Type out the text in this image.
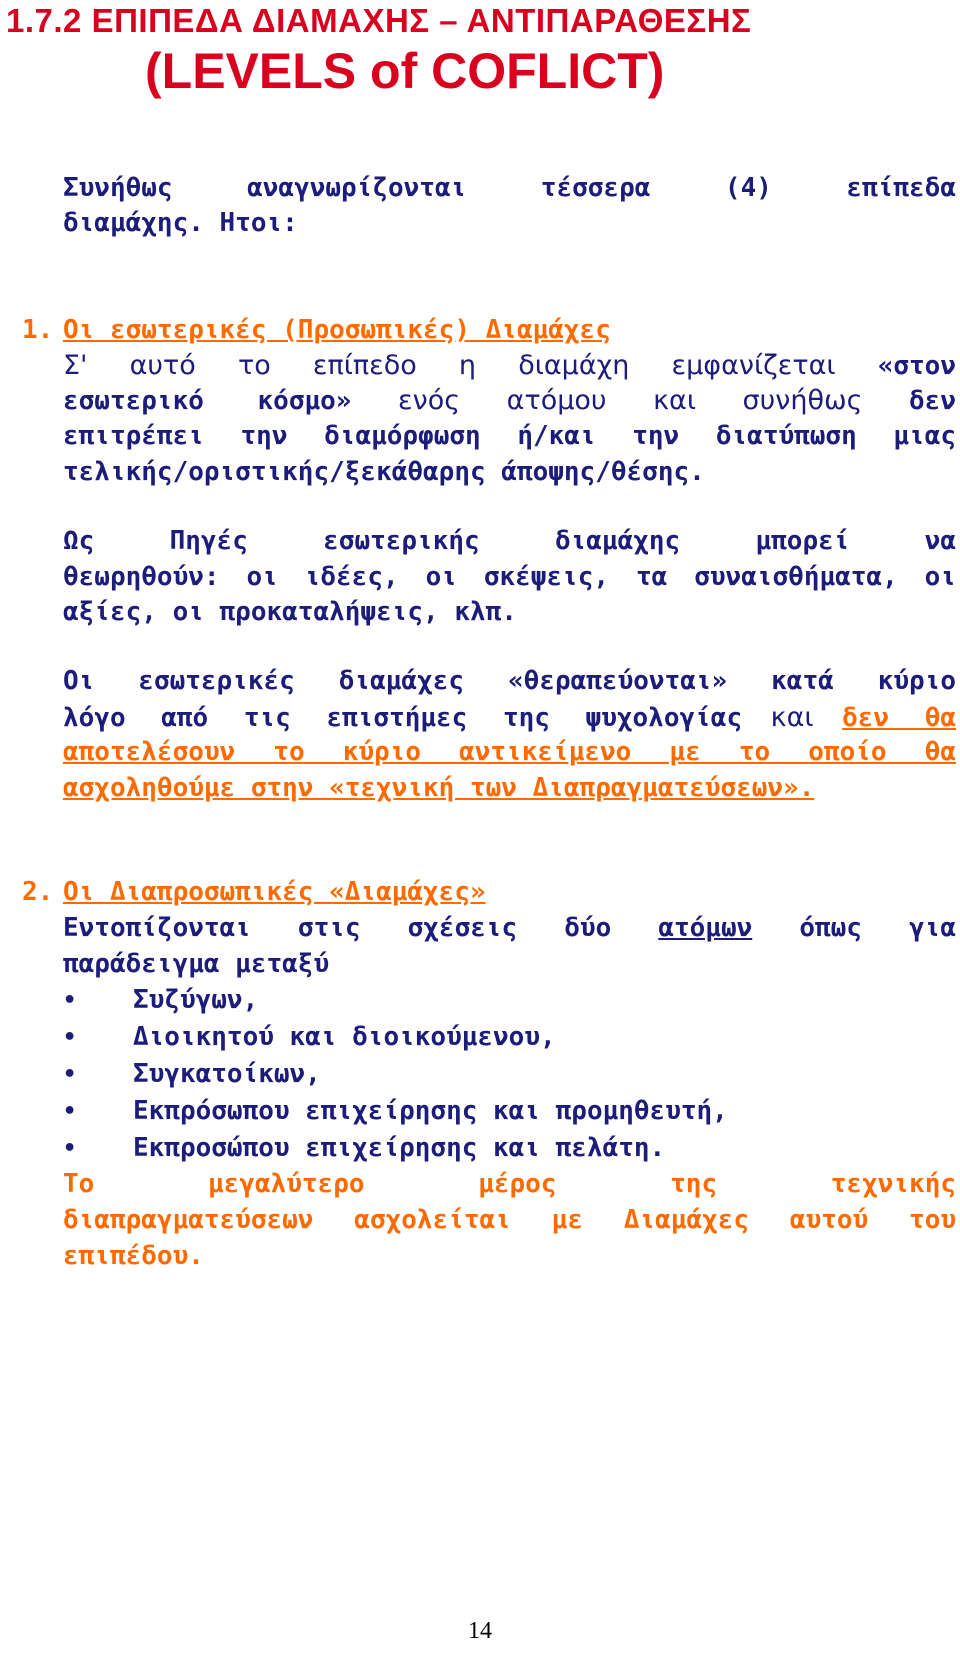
1.7.2 ΕΠΙΠΕΔΑ ΔΙΑΜΑΧΗΣ – ΑΝΤΙΠΑΡΑΘΕΣΗΣ
(LEVELS of COFLICT)
Συνήθως αναγνωρίζονται τέσσερα (4) επίπεδα
διαμάχης. Ητοι:
1. Οι εσωτερικές (Προσωπικές) Διαμάχες
Σ' αυτό το επίπεδο η διαμάχη εμφανίζεται «στον
εσωτερικό κόσμο» ενός ατόμου και συνήθως δεν
επιτρέπει την διαμόρφωση ή/και την διατύπωση μιας
τελικής/οριστικής/ξεκάθαρης άποψης/θέσης.
Ως Πηγές εσωτερικής διαμάχης μπορεί να
θεωρηθούν: οι ιδέες, οι σκέψεις, τα συναισθήματα, οι
αξίες, οι προκαταλήψεις, κλπ.
Οι εσωτερικές διαμάχες «θεραπεύονται» κατά κύριο
λόγο από τις επιστήμες της ψυχολογίας και δεν θα
αποτελέσουν το κύριο αντικείμενο με το οποίο θα
ασχοληθούμε στην «τεχνική των Διαπραγματεύσεων».
2. Οι Διαπροσωπικές «Διαμάχες»
Εντοπίζονται στις σχέσεις δύο ατόμων όπως για
παράδειγμα μεταξύ
•	Συζύγων,
•	Διοικητού και διοικούμενου,
•	Συγκατοίκων,
•	Εκπρόσωπου επιχείρησης και προμηθευτή,
•	Εκπροσώπου επιχείρησης και πελάτη.
Το μεγαλύτερο μέρος της τεχνικής
διαπραγματεύσεων ασχολείται με Διαμάχες αυτού του
επιπέδου.
14
